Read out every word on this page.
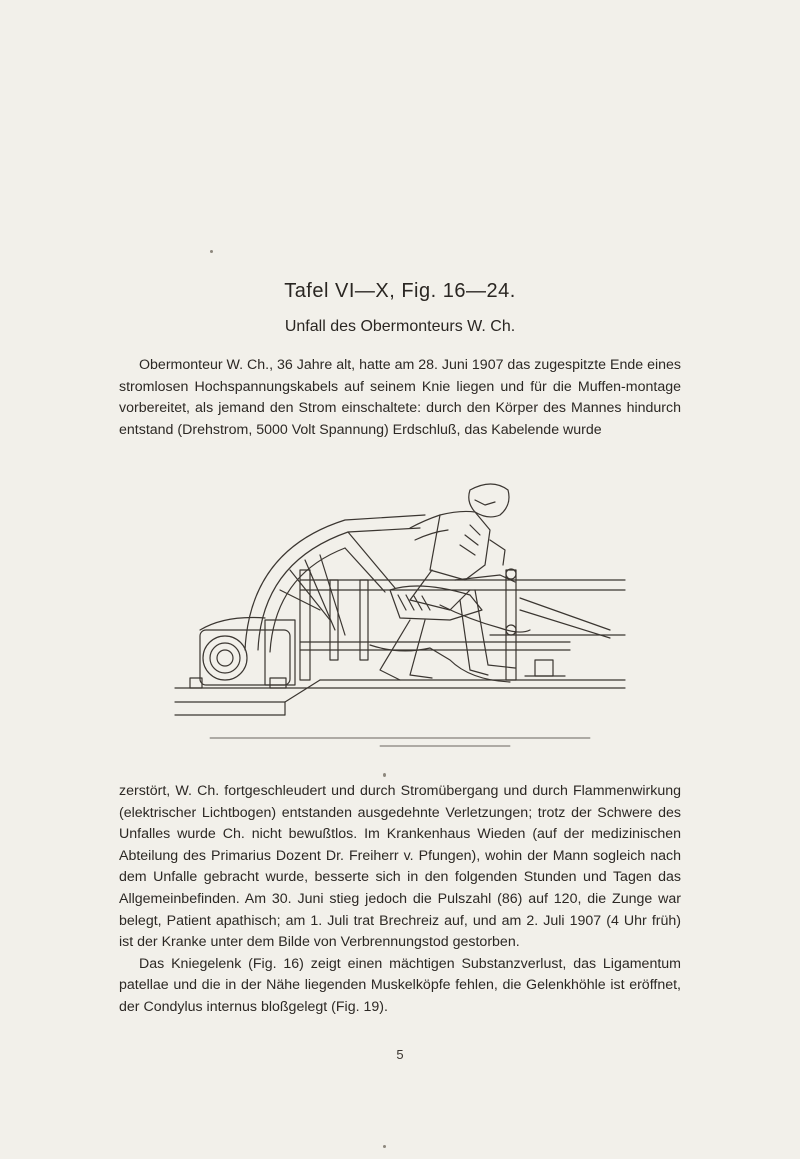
Tafel VI—X, Fig. 16—24.
Unfall des Obermonteurs W. Ch.

Obermonteur W. Ch., 36 Jahre alt, hatte am 28. Juni 1907 das zugespitzte Ende eines stromlosen Hochspannungskabels auf seinem Knie liegen und für die Muffen-montage vorbereitet, als jemand den Strom einschaltete: durch den Körper des Mannes hindurch entstand (Drehstrom, 5000 Volt Spannung) Erdschluß, das Kabelende wurde

zerstört, W. Ch. fortgeschleudert und durch Stromübergang und durch Flammenwirkung (elektrischer Lichtbogen) entstanden ausgedehnte Verletzungen; trotz der Schwere des Unfalles wurde Ch. nicht bewußtlos. Im Krankenhaus Wieden (auf der medizinischen Abteilung des Primarius Dozent Dr. Freiherr v. Pfungen), wohin der Mann sogleich nach dem Unfalle gebracht wurde, besserte sich in den folgenden Stunden und Tagen das Allgemeinbefinden. Am 30. Juni stieg jedoch die Pulszahl (86) auf 120, die Zunge war belegt, Patient apathisch; am 1. Juli trat Brechreiz auf, und am 2. Juli 1907 (4 Uhr früh) ist der Kranke unter dem Bilde von Verbrennungstod gestorben.

Das Kniegelenk (Fig. 16) zeigt einen mächtigen Substanzverlust, das Ligamentum patellae und die in der Nähe liegenden Muskelköpfe fehlen, die Gelenkhöhle ist eröffnet, der Condylus internus bloßgelegt (Fig. 19).

5
